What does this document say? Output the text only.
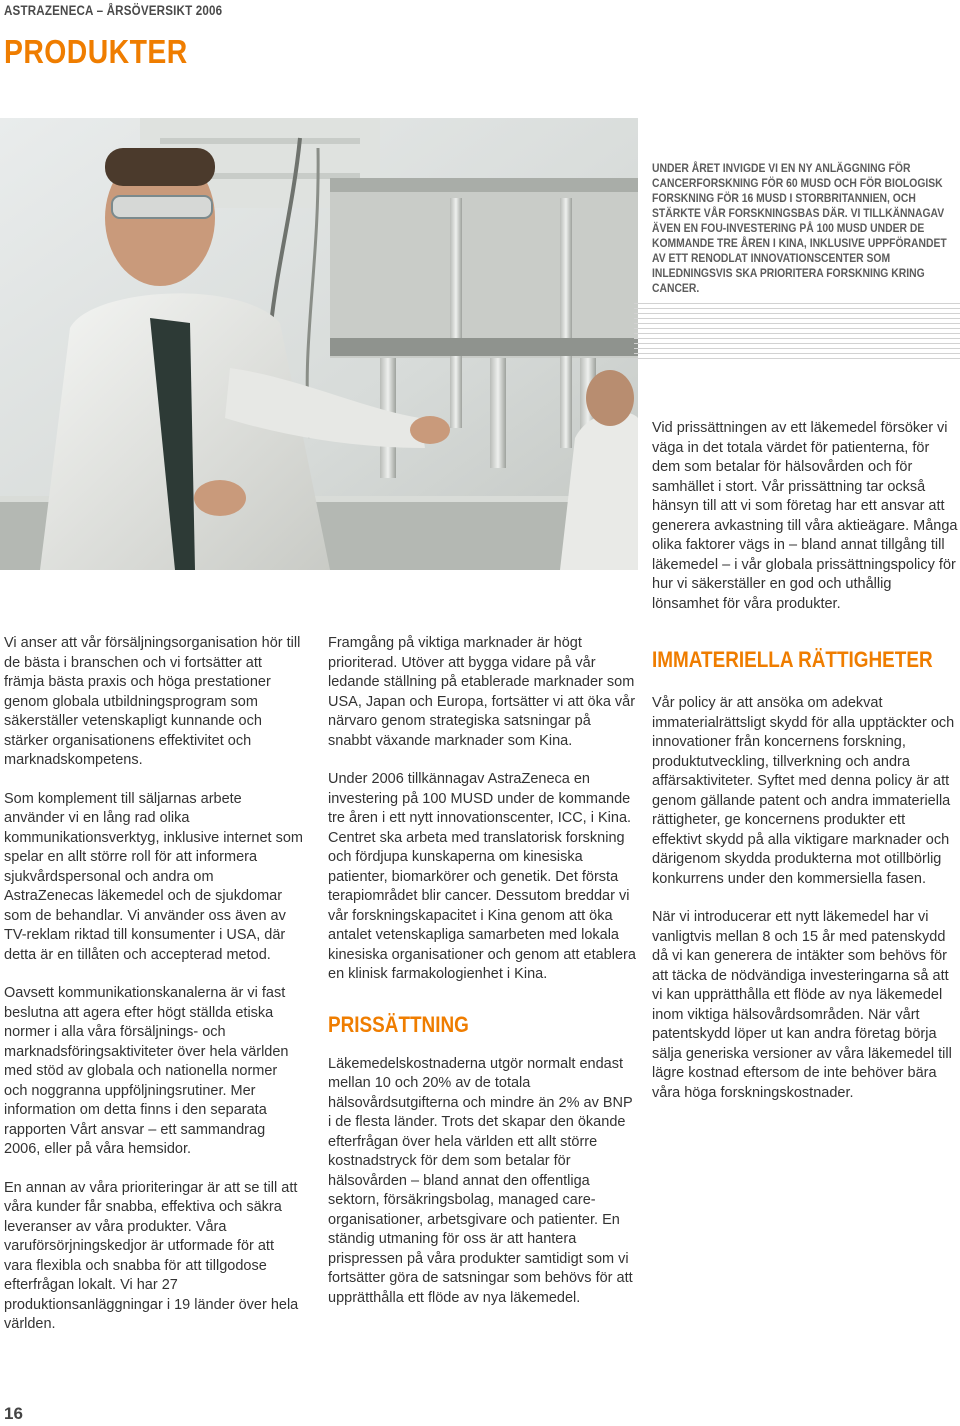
ASTRAZENECA – ÅRSÖVERSIKT 2006
PRODUKTER
UNDER ÅRET INVIGDE VI EN NY ANLÄGGNING FÖR CANCERFORSKNING FÖR 60 MUSD OCH FÖR BIOLOGISK FORSKNING FÖR 16 MUSD I STORBRITANNIEN, OCH STÄRKTE VÅR FORSKNINGSBAS DÄR. VI TILLKÄNNAGAV ÄVEN EN FOU-INVESTERING PÅ 100 MUSD UNDER DE KOMMANDE TRE ÅREN I KINA, INKLUSIVE UPPFÖRANDET AV ETT RENODLAT INNOVATIONSCENTER SOM INLEDNINGSVIS SKA PRIORITERA FORSKNING KRING CANCER.
Vid prissättningen av ett läkemedel försöker vi väga in det totala värdet för patienterna, för dem som betalar för hälsovården och för samhället i stort. Vår prissättning tar också hänsyn till att vi som företag har ett ansvar att generera avkastning till våra aktieägare. Många olika faktorer vägs in – bland annat tillgång till läkemedel – i vår globala prissättningspolicy för hur vi säkerställer en god och uthållig lönsamhet för våra produkter.

Vi anser att vår försäljningsorganisation hör till de bästa i branschen och vi fortsätter att främja bästa praxis och höga prestationer genom globala utbildningsprogram som säkerställer vetenskapligt kunnande och stärker organisationens effektivitet och marknadskompetens.

Som komplement till säljarnas arbete använder vi en lång rad olika kommunikationsverktyg, inklusive internet som spelar en allt större roll för att informera sjukvårdspersonal och andra om AstraZenecas läkemedel och de sjukdomar som de behandlar. Vi använder oss även av TV-reklam riktad till konsumenter i USA, där detta är en tillåten och accepterad metod.

Oavsett kommunikationskanalerna är vi fast beslutna att agera efter högt ställda etiska normer i alla våra försäljnings- och marknadsföringsaktiviteter över hela världen med stöd av globala och nationella normer och noggranna uppföljningsrutiner. Mer information om detta finns i den separata rapporten Vårt ansvar – ett sammandrag 2006, eller på våra hemsidor.

En annan av våra prioriteringar är att se till att våra kunder får snabba, effektiva och säkra leveranser av våra produkter. Våra varuförsörjningskedjor är utformade för att vara flexibla och snabba för att tillgodose efterfrågan lokalt. Vi har 27 produktionsanläggningar i 19 länder över hela världen.

Framgång på viktiga marknader är högt prioriterad. Utöver att bygga vidare på vår ledande ställning på etablerade marknader som USA, Japan och Europa, fortsätter vi att öka vår närvaro genom strategiska satsningar på snabbt växande marknader som Kina.

Under 2006 tillkännagav AstraZeneca en investering på 100 MUSD under de kommande tre åren i ett nytt innovationscenter, ICC, i Kina. Centret ska arbeta med translatorisk forskning och fördjupa kunskaperna om kinesiska patienter, biomarkörer och genetik. Det första terapiområdet blir cancer. Dessutom breddar vi vår forskningskapacitet i Kina genom att öka antalet vetenskapliga samarbeten med lokala kinesiska organisationer och genom att etablera en klinisk farmakologienhet i Kina.

PRISSÄTTNING

Läkemedelskostnaderna utgör normalt endast mellan 10 och 20% av de totala hälsovårdsutgifterna och mindre än 2% av BNP i de flesta länder. Trots det skapar den ökande efterfrågan över hela världen ett allt större kostnadstryck för dem som betalar för hälsovården – bland annat den offentliga sektorn, försäkringsbolag, managed care-organisationer, arbetsgivare och patienter. En ständig utmaning för oss är att hantera prispressen på våra produkter samtidigt som vi fortsätter göra de satsningar som behövs för att upprätthålla ett flöde av nya läkemedel.

IMMATERIELLA RÄTTIGHETER

Vår policy är att ansöka om adekvat immaterialrättsligt skydd för alla upptäckter och innovationer från koncernens forskning, produktutveckling, tillverkning och andra affärsaktiviteter. Syftet med denna policy är att genom gällande patent och andra immateriella rättigheter, ge koncernens produkter ett effektivt skydd på alla viktigare marknader och därigenom skydda produkterna mot otillbörlig konkurrens under den kommersiella fasen.

När vi introducerar ett nytt läkemedel har vi vanligtvis mellan 8 och 15 år med patenskydd då vi kan generera de intäkter som behövs för att täcka de nödvändiga investeringarna så att vi kan upprätthålla ett flöde av nya läkemedel inom viktiga hälsovårdsområden. När vårt patentskydd löper ut kan andra företag börja sälja generiska versioner av våra läkemedel till lägre kostnad eftersom de inte behöver bära våra höga forskningskostnader.

16
